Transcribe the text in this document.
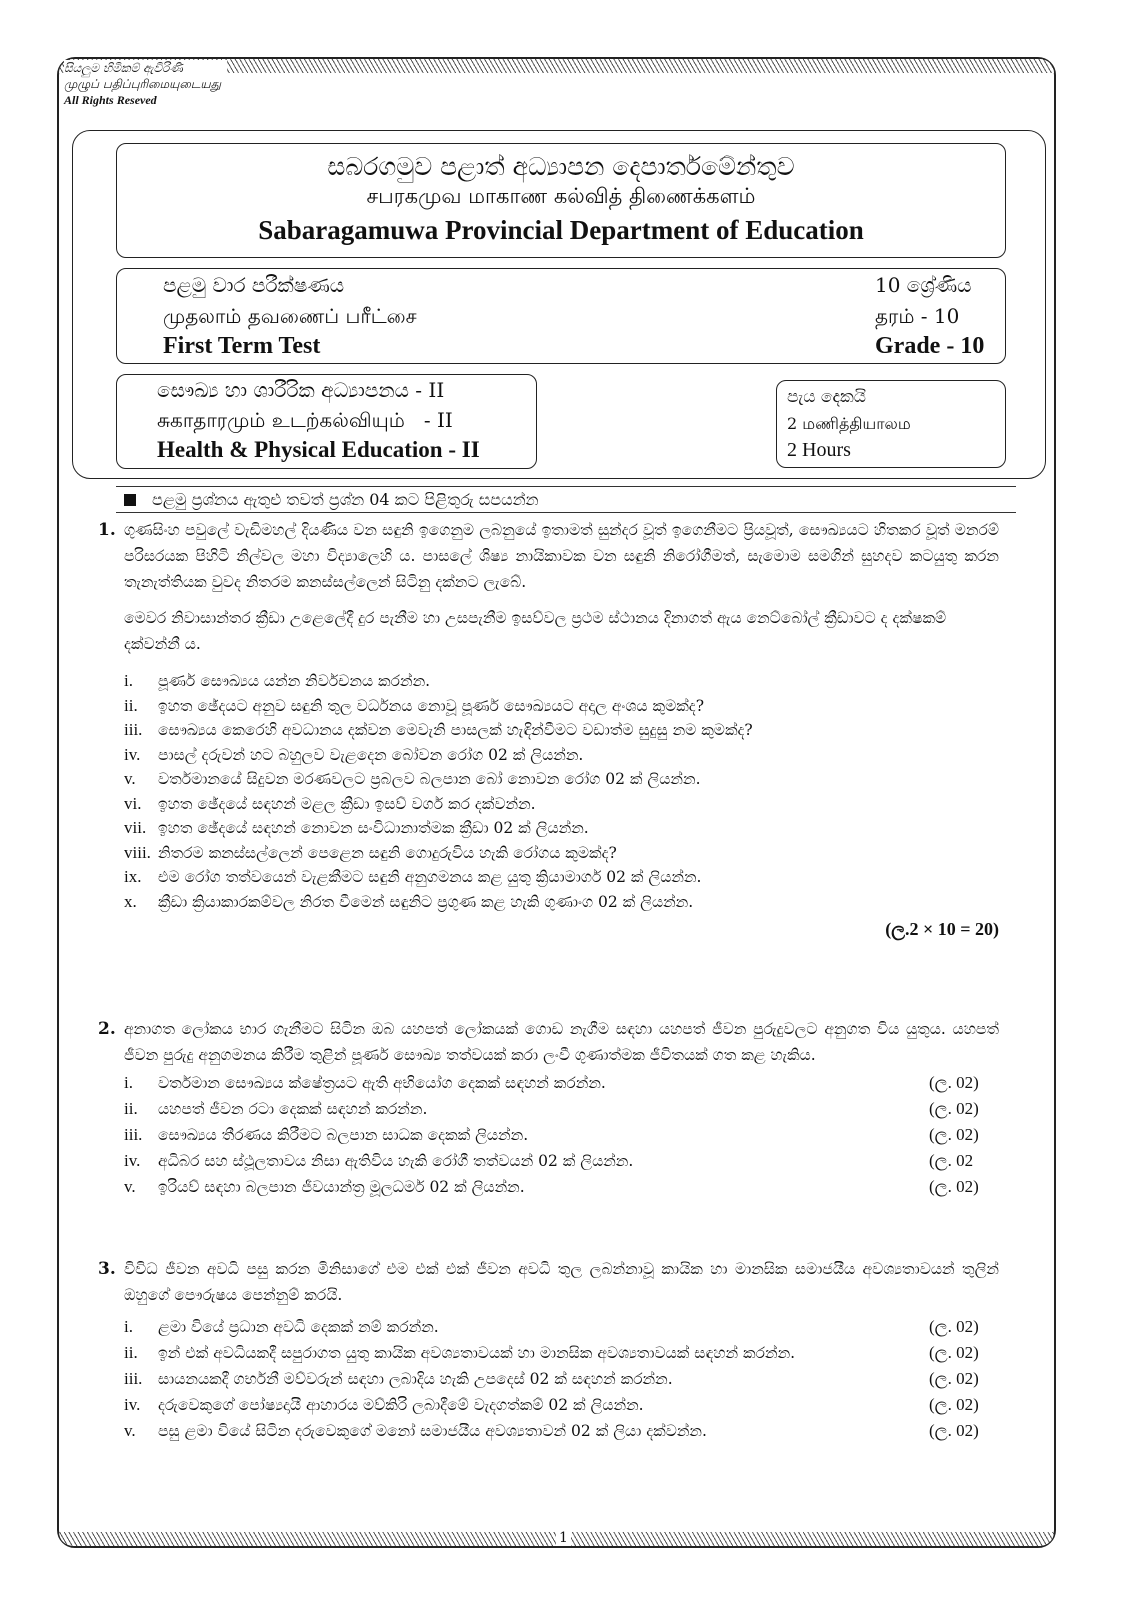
1
සියලුම හිමිකම් ඇවිරිණි
முழுப் பதிப்புரிமையுடையது
All Rights Reseved
සබරගමුව පළාත් අධ්‍යාපන දෙපාර්තමේන්තුව
சபரகமுவ மாகாண கல்வித் திணைக்களம்
Sabaragamuwa Provincial Department of Education
පළමු වාර පරීක්ෂණය
முதலாம் தவணைப் பரீட்சை
First Term Test
10 ශ්‍රේණිය
தரம் - 10
Grade - 10
සෞඛ්‍ය හා ශාරීරික අධ්‍යාපනය - II
சுகாதாரமும் உடற்கல்வியும்   - II
Health & Physical Education - II
පැය දෙකයි
2 மணித்தியாலம
2 Hours
පළමු ප්‍රශ්නය ඇතුළු තවත් ප්‍රශ්න 04 කට පිළිතුරු සපයන්න
1. ගුණසිංහ පවුලේ වැඩිමහල් දියණිය වන සඳුනි ඉගෙනුම ලබනුයේ ඉතාමත් සුන්දර වූත් ඉගෙනීමට ප්‍රියවූත්, සෞඛ්‍යයට හිතකර වූත් මනරම් පරිසරයක පිහිටි නිල්වල මහා විද්‍යාලෙහි ය. පාසලේ ශිෂ්‍ය නායිකාවක වන සඳුනි නිරෝගීමත්, සැමොම සමගින් සුහදව කටයුතු කරන තැනැත්තියක වුවද නිතරම කනස්සල්ලෙන් සිටිනු දක්නට ලැබේ.

මෙවර නිවාසාන්තර ක්‍රීඩා උළෙලේදී දුර පැනීම හා උසපැනීම ඉසව්වල ප්‍රථම ස්ථානය දිනාගත් ඇය නෙට්බෝල් ක්‍රීඩාවට ද දක්ෂකම් දක්වන්නී ය.

i.	පූර්ණ සෞඛ්‍යය යන්න නිර්වචනය කරන්න.
ii.	ඉහත ඡේදයට අනුව සඳුනි තුල වර්ධනය නොවූ පූර්ණ සෞඛ්‍යයට අදාල අංශය කුමක්ද?
iii.	සෞඛ්‍යය කෙරෙහි අවධානය දක්වන මෙවැනි පාසලක් හැඳින්වීමට වඩාත්ම සුදුසු නම කුමක්ද?
iv.	පාසල් දරුවන් හට බහුලව වැළදෙන බෝවන රෝග 02 ක් ලියන්න.
v.	වර්තමානයේ සිදුවන මරණවලට ප්‍රබලව බලපාන බෝ නොවන රෝග 02 ක් ලියන්න.
vi.	ඉහත ඡේදයේ සඳහන් මළල ක්‍රීඩා ඉසව් වර්ග කර දක්වන්න.
vii. ඉහත ඡේදයේ සඳහන් නොවන සංවිධානාත්මක ක්‍රීඩා 02 ක් ලියන්න.
viii. නිතරම කනස්සල්ලෙන් පෙළෙන සඳුනි ගොදුරුවිය හැකි රෝගය කුමක්ද?
ix.	එම රෝග තත්වයෙන් වැළකීමට සඳුනි අනුගමනය කළ යුතු ක්‍රියාමාර්ග 02 ක් ලියන්න.
x.	ක්‍රීඩා ක්‍රියාකාරකම්වල නිරත වීමෙන් සඳුනිට ප්‍රගුණ කළ හැකි ගුණාංග 02 ක් ලියන්න.
(ල.2 × 10 = 20)
2. අනාගත ලෝකය භාර ගැනීමට සිටින ඔබ යහපත් ලෝකයක් ගොඩ නැගීම සඳහා යහපත් ජීවන පුරුදුවලට අනුගත විය යුතුය. යහපත් ජීවන පුරුදු අනුගමනය කිරීම තුළින් පූර්ණ සෞඛ්‍ය තත්වයක් කරා ලංවී ගුණාත්මක ජීවිතයක් ගත කළ හැකිය.

i.	වර්තමාන සෞඛ්‍යය ක්ෂේත්‍රයට ඇති අභියෝග දෙකක් සඳහන් කරන්න.	(ල. 02)
ii.	යහපත් ජීවන රටා දෙකක් සඳහන් කරන්න.	(ල. 02)
iii.	සෞඛ්‍යය තීරණය කිරීමට බලපාන සාධක දෙකක් ලියන්න.	(ල. 02)
iv.	අධිබර සහ ස්ථූලතාවය නිසා ඇතිවිය හැකි රෝගී තත්වයන් 02 ක් ලියන්න.	(ල. 02
v.	ඉරියව් සඳහා බලපාන ජීවයාන්ත්‍ර මූලධර්ම 02 ක් ලියන්න.	(ල. 02)
3. විවිධ ජීවන අවධි පසු කරන මිනිසාගේ එම එක් එක් ජීවන අවධි තුල ලබන්නාවූ කායික හා මානසික සමාජයීය අවශ්‍යතාවයන් තුලින් ඔහුගේ පෞරුෂය පෙන්නුම් කරයි.

i.	ළමා වියේ ප්‍රධාන අවධි දෙකක් නම් කරන්න.	(ල. 02)
ii.	ඉන් එක් අවධියකදී සපුරාගත යුතු කායික අවශ්‍යතාවයක් හා මානසික අවශ්‍යතාවයක් සඳහන් කරන්න.	(ල. 02)
iii.	සායනයකදී ගර්භනී මව්වරුන් සඳහා ලබාදිය හැකි උපදෙස් 02 ක් සඳහන් කරන්න.	(ල. 02)
iv.	දරුවෙකුගේ පෝෂ්‍යදායී ආහාරය මව්කිරි ලබාදීමේ වැදගත්කම් 02 ක් ලියන්න.	(ල. 02)
v.	පසු ළමා වියේ සිටින දරුවෙකුගේ මනෝ සමාජයීය අවශ්‍යතාවන් 02 ක් ලියා දක්වන්න.	(ල. 02)
